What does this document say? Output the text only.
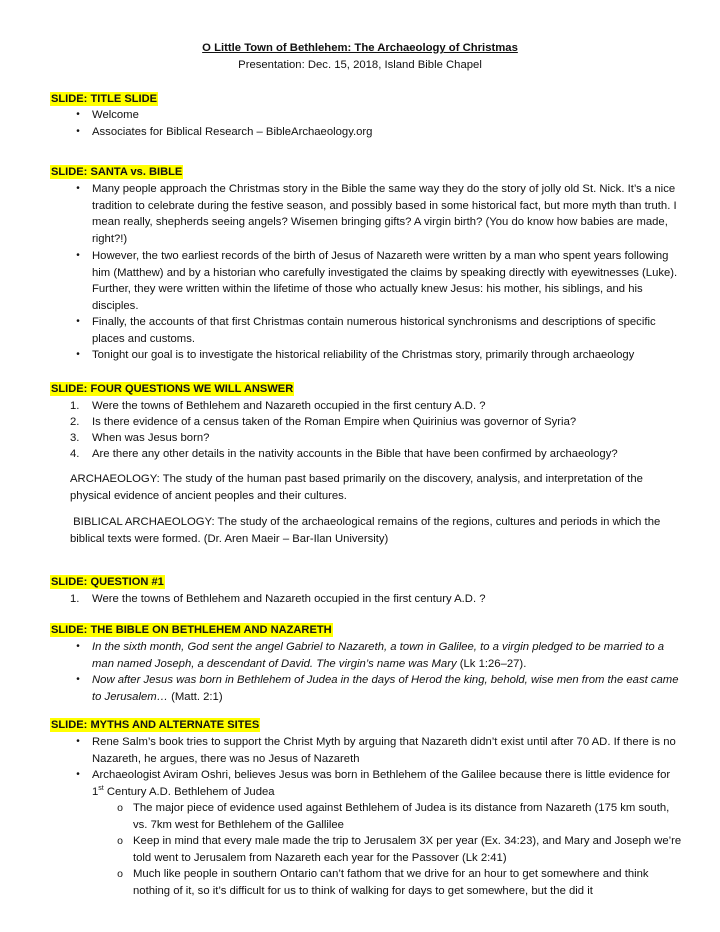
O Little Town of Bethlehem: The Archaeology of Christmas
Presentation: Dec. 15, 2018, Island Bible Chapel
SLIDE: TITLE SLIDE
•	Welcome
•	Associates for Biblical Research – BibleArchaeology.org
SLIDE: SANTA vs. BIBLE
•	Many people approach the Christmas story in the Bible the same way they do the story of jolly old St. Nick. It’s a nice tradition to celebrate during the festive season, and possibly based in some historical fact, but more myth than truth. I mean really, shepherds seeing angels? Wisemen bringing gifts? A virgin birth? (You do know how babies are made, right?!)
•	However, the two earliest records of the birth of Jesus of Nazareth were written by a man who spent years following him (Matthew) and by a historian who carefully investigated the claims by speaking directly with eyewitnesses (Luke). Further, they were written within the lifetime of those who actually knew Jesus: his mother, his siblings, and his disciples.
•	Finally, the accounts of that first Christmas contain numerous historical synchronisms and descriptions of specific places and customs.
•	Tonight our goal is to investigate the historical reliability of the Christmas story, primarily through archaeology
SLIDE: FOUR QUESTIONS WE WILL ANSWER
1.	Were the towns of Bethlehem and Nazareth occupied in the first century A.D. ?
2.	Is there evidence of a census taken of the Roman Empire when Quirinius was governor of Syria?
3.	When was Jesus born?
4.	Are there any other details in the nativity accounts in the Bible that have been confirmed by archaeology?
ARCHAEOLOGY: The study of the human past based primarily on the discovery, analysis, and interpretation of the physical evidence of ancient peoples and their cultures.
BIBLICAL ARCHAEOLOGY: The study of the archaeological remains of the regions, cultures and periods in which the biblical texts were formed. (Dr. Aren Maeir – Bar-Ilan University)
SLIDE: QUESTION #1
1.	Were the towns of Bethlehem and Nazareth occupied in the first century A.D. ?
SLIDE: THE BIBLE ON BETHLEHEM AND NAZARETH
•	In the sixth month, God sent the angel Gabriel to Nazareth, a town in Galilee, to a virgin pledged to be married to a man named Joseph, a descendant of David. The virgin’s name was Mary (Lk 1:26–27).
•	Now after Jesus was born in Bethlehem of Judea in the days of Herod the king, behold, wise men from the east came to Jerusalem… (Matt. 2:1)
SLIDE: MYTHS AND ALTERNATE SITES
•	Rene Salm’s book tries to support the Christ Myth by arguing that Nazareth didn’t exist until after 70 AD. If there is no Nazareth, he argues, there was no Jesus of Nazareth
•	Archaeologist Aviram Oshri, believes Jesus was born in Bethlehem of the Galilee because there is little evidence for 1st Century A.D. Bethlehem of Judea
o The major piece of evidence used against Bethlehem of Judea is its distance from Nazareth (175 km south, vs. 7km west for Bethlehem of the Gallilee
o Keep in mind that every male made the trip to Jerusalem 3X per year (Ex. 34:23), and Mary and Joseph we’re told went to Jerusalem from Nazareth each year for the Passover (Lk 2:41)
o Much like people in southern Ontario can’t fathom that we drive for an hour to get somewhere and think nothing of it, so it’s difficult for us to think of walking for days to get somewhere, but the did it
